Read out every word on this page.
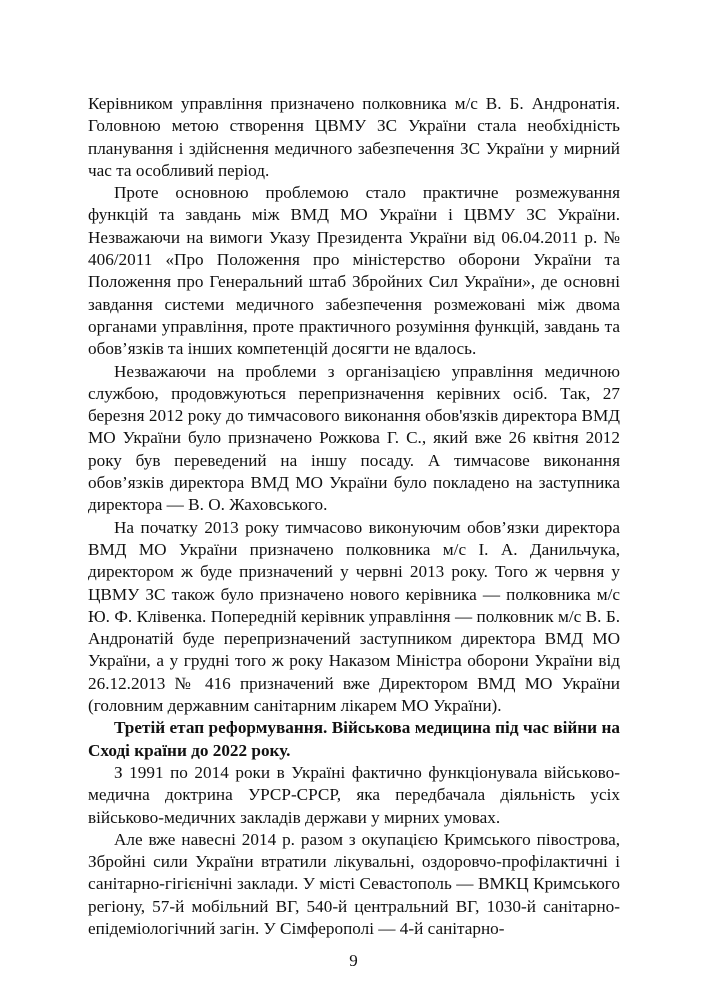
Керівником управління призначено полковника м/с В. Б. Андронатія. Головною метою створення ЦВМУ ЗС України стала необхідність планування і здійснення медичного забезпечення ЗС України у мирний час та особливий період.

Проте основною проблемою стало практичне розмежування функцій та завдань між ВМД МО України і ЦВМУ ЗС України. Незважаючи на вимоги Указу Президента України від 06.04.2011 р. № 406/2011 «Про Положення про міністерство оборони України та Положення про Генеральний штаб Збройних Сил України», де основні завдання системи медичного забезпечення розмежовані між двома органами управління, проте практичного розуміння функцій, завдань та обов’язків та інших компетенцій досягти не вдалось.

Незважаючи на проблеми з організацією управління медичною службою, продовжуються перепризначення керівних осіб. Так, 27 березня 2012 року до тимчасового виконання обов'язків директора ВМД МО України було призначено Рожкова Г. С., який вже 26 квітня 2012 року був переведений на іншу посаду. А тимчасове виконання обов’язків директора ВМД МО України було покладено на заступника директора — В. О. Жаховського.

На початку 2013 року тимчасово виконуючим обов’язки директора ВМД МО України призначено полковника м/с І. А. Данильчука, директором ж буде призначений у червні 2013 року. Того ж червня у ЦВМУ ЗС також було призначено нового керівника — полковника м/с Ю. Ф. Клівенка. Попередній керівник управління — полковник м/с В. Б. Андронатій буде перепризначений заступником директора ВМД МО України, а у грудні того ж року Наказом Міністра оборони України від 26.12.2013 № 416 призначений вже Директором ВМД МО України (головним державним санітарним лікарем МО України).

Третій етап реформування. Військова медицина під час війни на Сході країни до 2022 року.

З 1991 по 2014 роки в Україні фактично функціонувала військово-медична доктрина УРСР-СРСР, яка передбачала діяльність усіх військово-медичних закладів держави у мирних умовах.

Але вже навесні 2014 р. разом з окупацією Кримського півострова, Збройні сили України втратили лікувальні, оздоровчо-профілактичні і санітарно-гігієнічні заклади. У місті Севастополь — ВМКЦ Кримського регіону, 57-й мобільний ВГ, 540-й центральний ВГ, 1030-й санітарно-епідеміологічний загін. У Сімферополі — 4-й санітарно-

9
